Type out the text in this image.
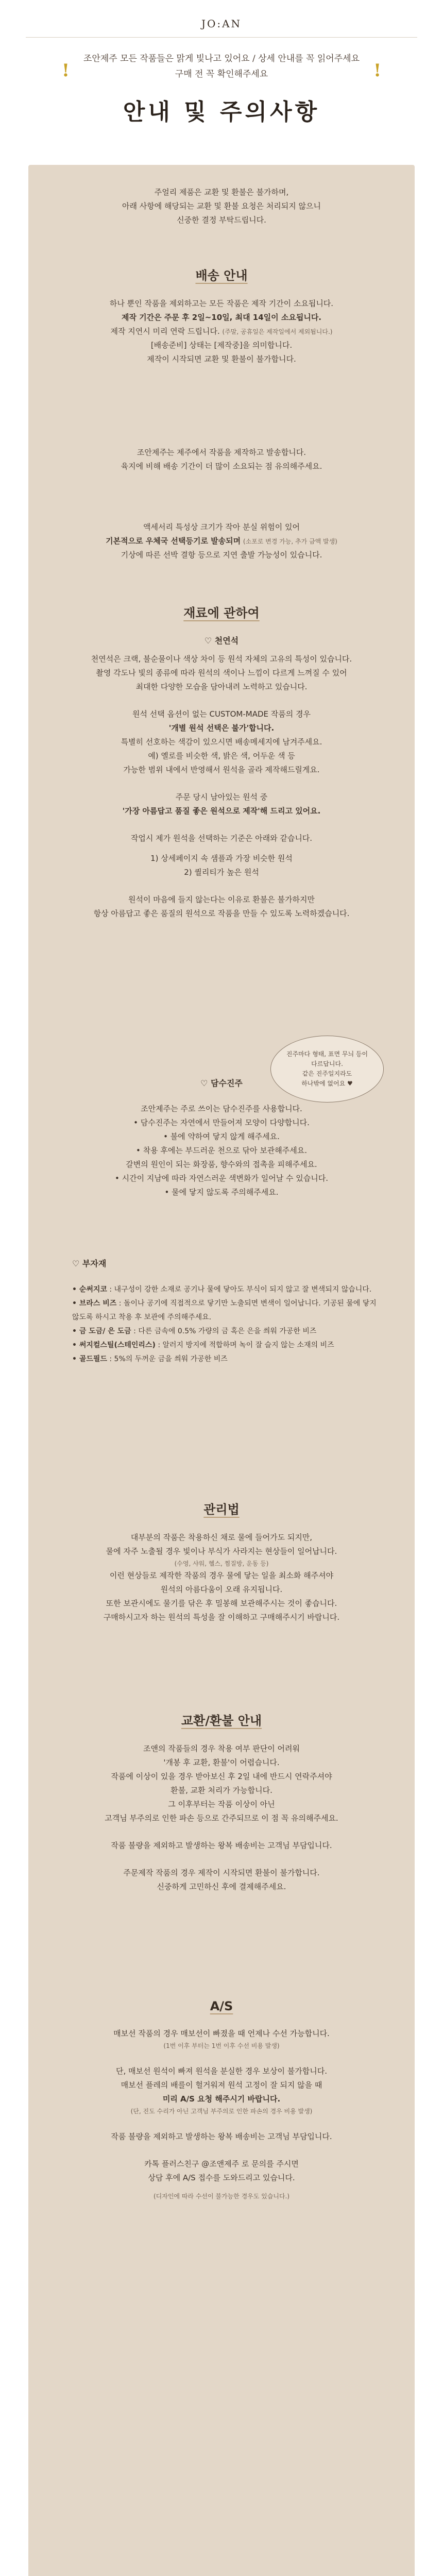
JO:AN
!
조안제주 모든 작품들은 맑게 빛나고 있어요 / 상세 안내를 꼭 읽어주세요
구매 전 꼭 확인해주세요	!
안내 및 주의사항
주얼리 제품은 교환 및 환불은 불가하며,
아래 사항에 해당되는 교환 및 환불 요청은 처리되지 않으니
신중한 결정 부탁드립니다.
배송 안내
하나 뿐인 작품을 제외하고는 모든 작품은 제작 기간이 소요됩니다.
제작 기간은 주문 후 2일~10일, 최대 14일이 소요됩니다.
제작 지연시 미리 연락 드립니다. (주말, 공휴일은 제작일에서 제외됩니다.)
[배송준비] 상태는 [제작중]을 의미합니다.
제작이 시작되면 교환 및 환불이 불가합니다.
조안제주는 제주에서 작품을 제작하고 발송합니다.
육지에 비해 배송 기간이 더 많이 소요되는 점 유의해주세요.
액세서리 특성상 크기가 작아 분실 위험이 있어
기본적으로 우체국 선택등기로 발송되며 (소포로 변경 가능, 추가 금액 발생)
기상에 따른 선박 결항 등으로 지연 출발 가능성이 있습니다.
재료에 관하여
♡ 천연석
천연석은 크랙, 불순물이나 색상 차이 등 원석 자체의 고유의 특성이 있습니다.
촬영 각도나 빛의 종류에 따라 원석의 색이나 느낌이 다르게 느껴질 수 있어
최대한 다양한 모습을 담아내려 노력하고 있습니다.
원석 선택 옵션이 없는 CUSTOM-MADE 작품의 경우
'개별 원석 선택은 불가'합니다.
특별히 선호하는 색감이 있으시면 배송메세지에 남겨주세요.
예) 옐로를 비슷한 색, 밝은 색, 어두운 색 등
가능한 범위 내에서 반영해서 원석을 골라 제작해드릴게요.
주문 당시 남아있는 원석 중
'가장 아름답고 품질 좋은 원석으로 제작'해 드리고 있어요.
작업시 제가 원석을 선택하는 기준은 아래와 같습니다.
1) 상세페이지 속 샘플과 가장 비슷한 원석
2) 퀄리티가 높은 원석
원석이 마음에 들지 않는다는 이유로 환불은 불가하지만
항상 아름답고 좋은 품질의 원석으로 작품을 만들 수 있도록 노력하겠습니다.
진주마다 형태, 표면 무늬 등이
다르답니다.
같은 진주일지라도
하나밖에 없어요 ♥
♡ 담수진주
조안제주는 주로 쓰이는 담수진주를 사용합니다.
• 담수진주는 자연에서 만들어져 모양이 다양합니다.
• 불에 약하여 닿지 않게 해주세요.
• 착용 후에는 부드러운 천으로 닦아 보관해주세요.
갈변의 원인이 되는 화장품, 향수와의 접촉을 피해주세요.
• 시간이 지남에 따라 자연스러운 색변화가 일어날 수 있습니다.
• 물에 닿지 않도록 주의해주세요.
♡ 부자재
• 순써지코 : 내구성이 강한 소재로 공기나 물에 닿아도 부식이 되지 않고 잘 변색되지 않습니다.
• 브라스 비즈 : 돌이나 공기에 직접적으로 닿기만 노출되면 변색이 일어납니다. 기공된 물에 닿지 않도록 하시고 착용 후 보관에 주의해주세요.
• 금 도금/ 은 도금 : 다른 금속에 0.5% 가량의 금 혹은 은을 씌워 가공한 비즈
• 써지컬스틸(스테인리스) : 알러지 방지에 적합하며 녹이 잘 슬지 않는 소재의 비즈
• 골드필드 : 5%의 두꺼운 금을 씌워 가공한 비즈
관리법
대부분의 작품은 착용하신 채로 물에 들어가도 되지만,
물에 자주 노출될 경우 빛이나 부식가 사라지는 현상들이 일어납니다.
(수영, 샤워, 헬스, 찜질방, 운동 등)
이런 현상들로 제작한 작품의 경우 물에 닿는 일을 최소화 해주셔야
원석의 아름다움이 오래 유지됩니다.
또한 보관시에도 물기를 닦은 후 밀봉해 보관해주시는 것이 좋습니다.
구매하시고자 하는 원석의 특성을 잘 이해하고 구매해주시기 바랍니다.
교환/환불 안내
조앤의 작품들의 경우 착용 여부 판단이 어려워
'개봉 후 교환, 환불'이 어렵습니다.
작품에 이상이 있을 경우 받아보신 후 2일 내에 반드시 연락주셔야
환불, 교환 처리가 가능합니다.
그 이후부터는 작품 이상이 아닌
고객님 부주의로 인한 파손 등으로 간주되므로 이 점 꼭 유의해주세요.
작품 불량을 제외하고 발생하는 왕복 배송비는 고객님 부담입니다.
주문제작 작품의 경우 제작이 시작되면 환불이 불가합니다.
신중하게 고민하신 후에 결제해주세요.
A/S
매보선 작품의 경우 매보선이 빠졌을 때 언제나 수선 가능합니다.
(1번 이후 부터는 1번 이후 수선 비용 발생)
단, 매보선 원석이 빠져 원석을 분실한 경우 보상이 불가합니다.
매보선 플레의 배를이 헐거워져 원석 고정이 잘 되지 않을 때
미리 A/S 요청 해주시기 바랍니다.
(단, 진도 수리가 아닌 고객님 부주의로 인한 파손의 경우 비용 발생)
작품 불량을 제외하고 발생하는 왕복 배송비는 고객님 부담입니다.
카톡 플러스친구 @조앤제주 로 문의를 주시면
상담 후에 A/S 접수를 도와드리고 있습니다.
(디자인에 따라 수선이 불가능한 경우도 있습니다.)
